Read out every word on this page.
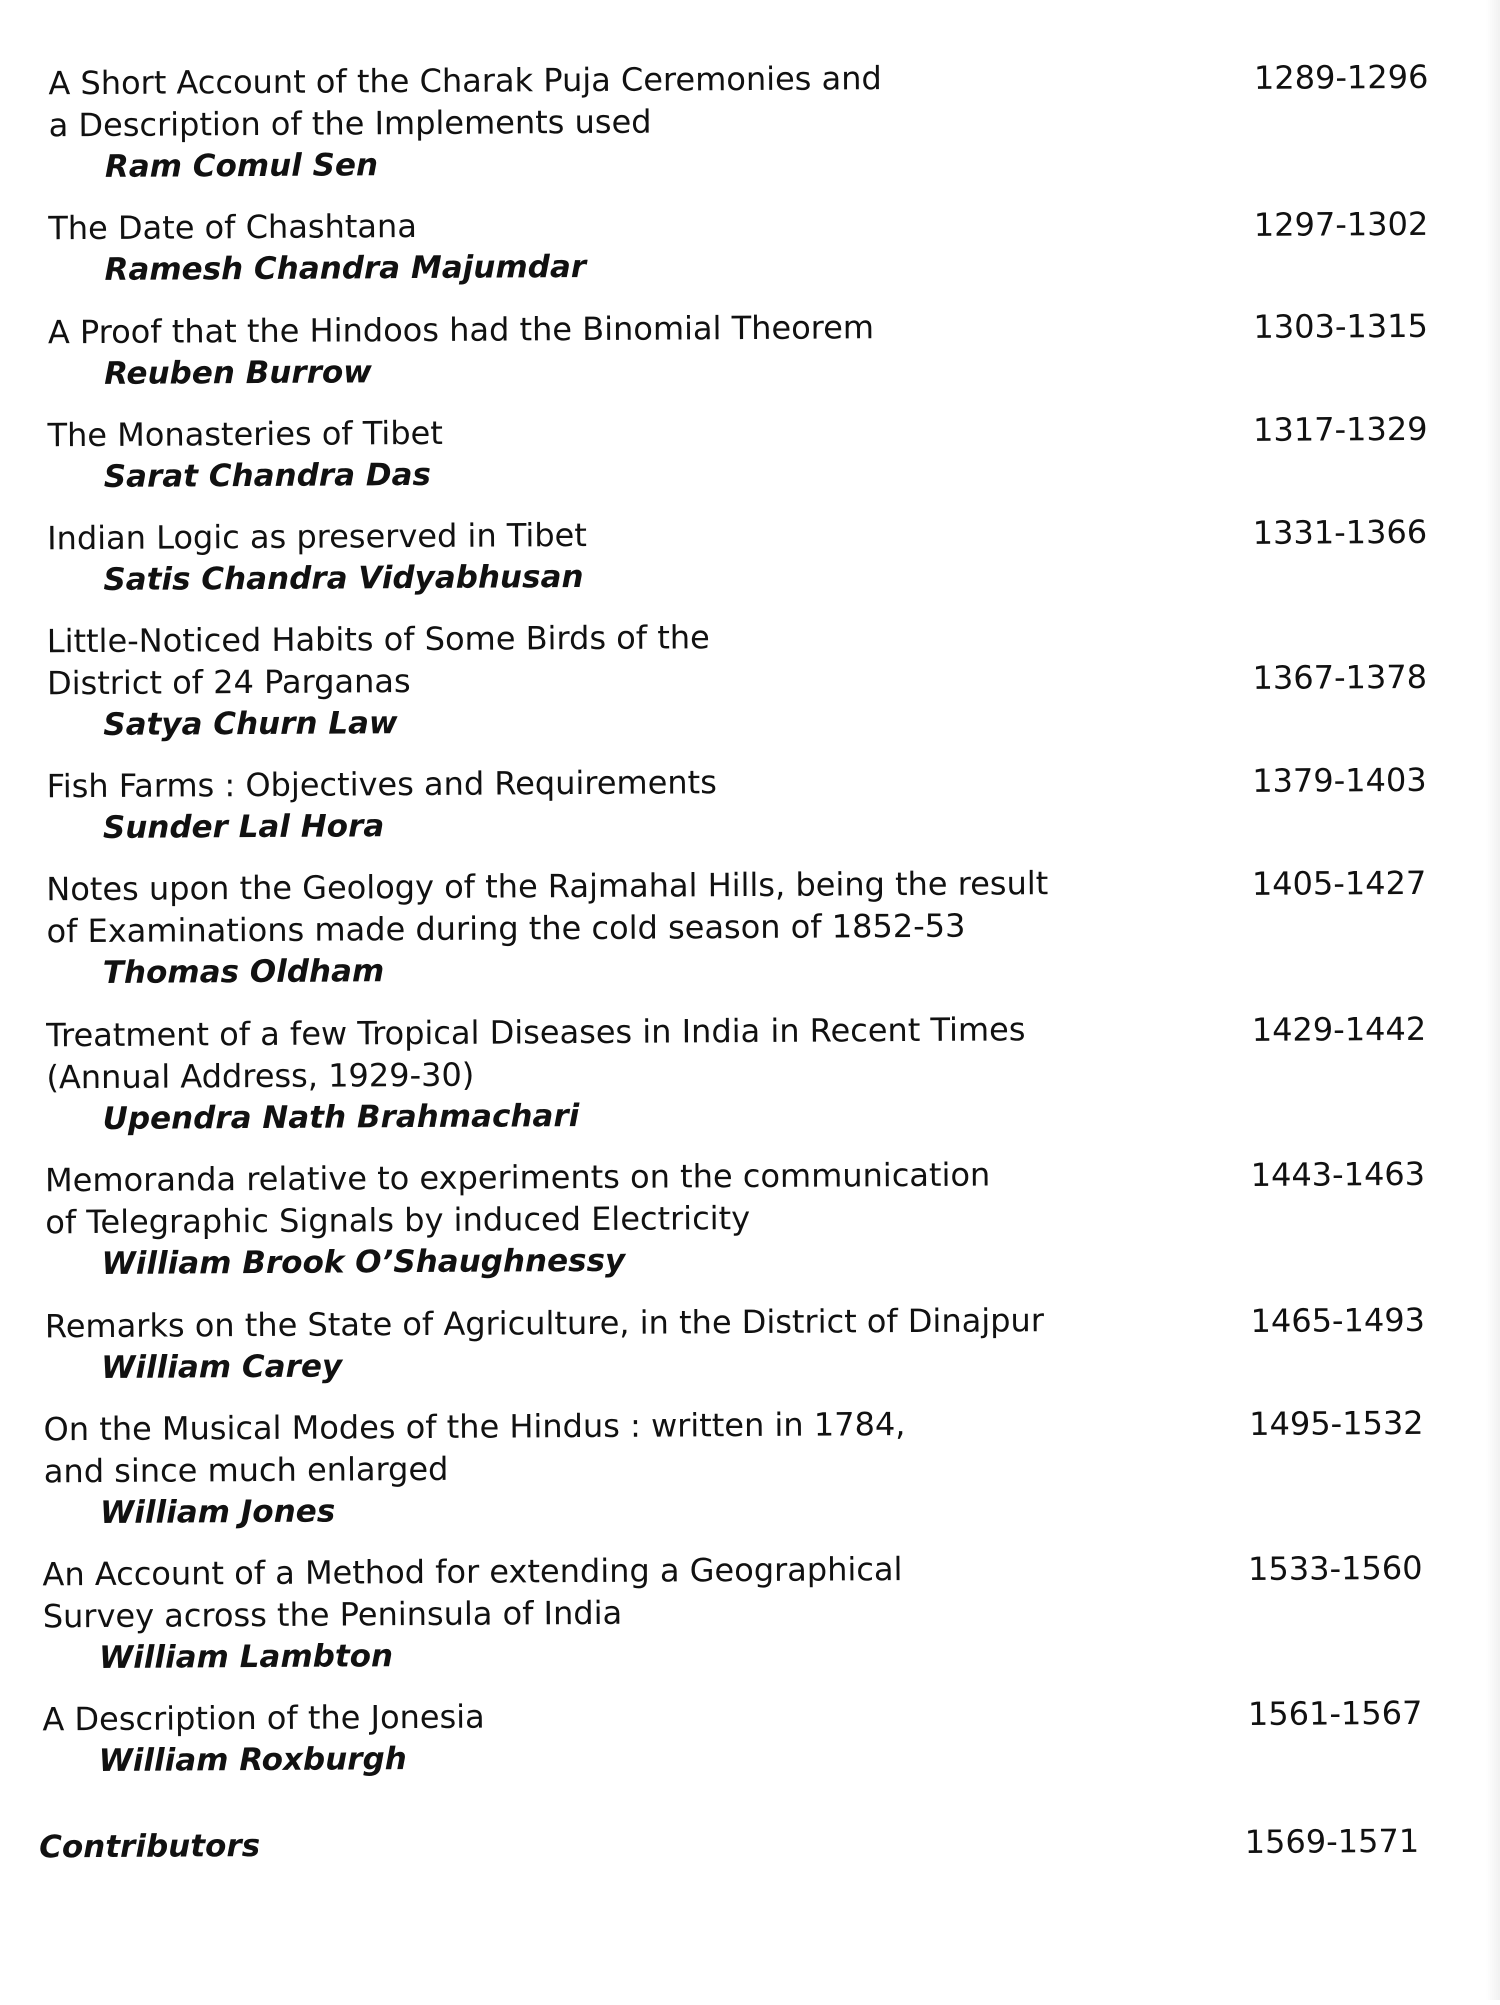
A Short Account of the Charak Puja Ceremonies and
a Description of the Implements used
Ram Comul Sen
1289-1296
The Date of Chashtana
Ramesh Chandra Majumdar
1297-1302
A Proof that the Hindoos had the Binomial Theorem
Reuben Burrow
1303-1315
The Monasteries of Tibet
Sarat Chandra Das
1317-1329
Indian Logic as preserved in Tibet
Satis Chandra Vidyabhusan
1331-1366
Little-Noticed Habits of Some Birds of the
District of 24 Parganas
Satya Churn Law
1367-1378
Fish Farms : Objectives and Requirements
Sunder Lal Hora
1379-1403
Notes upon the Geology of the Rajmahal Hills, being the result
of Examinations made during the cold season of 1852-53
Thomas Oldham
1405-1427
Treatment of a few Tropical Diseases in India in Recent Times
(Annual Address, 1929-30)
Upendra Nath Brahmachari
1429-1442
Memoranda relative to experiments on the communication
of Telegraphic Signals by induced Electricity
William Brook O’Shaughnessy
1443-1463
Remarks on the State of Agriculture, in the District of Dinajpur
William Carey
1465-1493
On the Musical Modes of the Hindus : written in 1784,
and since much enlarged
William Jones
1495-1532
An Account of a Method for extending a Geographical
Survey across the Peninsula of India
William Lambton
1533-1560
A Description of the Jonesia
William Roxburgh
1561-1567
Contributors	1569-1571
